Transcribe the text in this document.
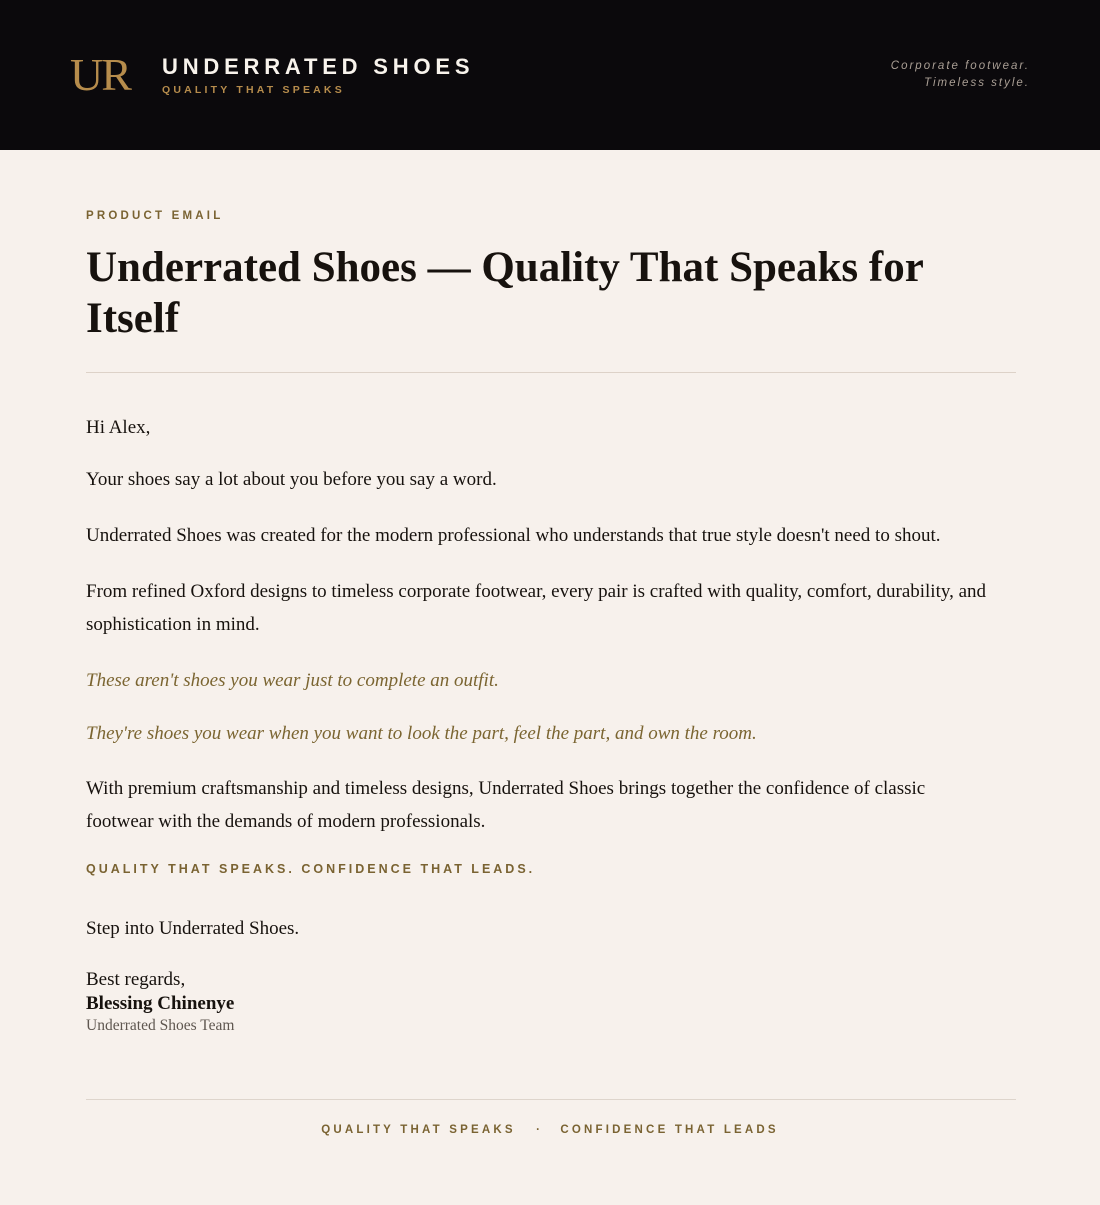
UR UNDERRATED SHOES
QUALITY THAT SPEAKS
Corporate footwear.
Timeless style.
PRODUCT EMAIL
Underrated Shoes — Quality That Speaks for Itself

Hi Alex,

Your shoes say a lot about you before you say a word.

Underrated Shoes was created for the modern professional who understands that true style doesn't need to shout.

From refined Oxford designs to timeless corporate footwear, every pair is crafted with quality, comfort, durability, and

sophistication in mind.

These aren't shoes you wear just to complete an outfit.

They're shoes you wear when you want to look the part, feel the part, and own the room.

With premium craftsmanship and timeless designs, Underrated Shoes brings together the confidence of classic

footwear with the demands of modern professionals.

QUALITY THAT SPEAKS. CONFIDENCE THAT LEADS.

Step into Underrated Shoes.

Best regards,
Blessing Chinenye
Underrated Shoes Team
QUALITY THAT SPEAKS · CONFIDENCE THAT LEADS
